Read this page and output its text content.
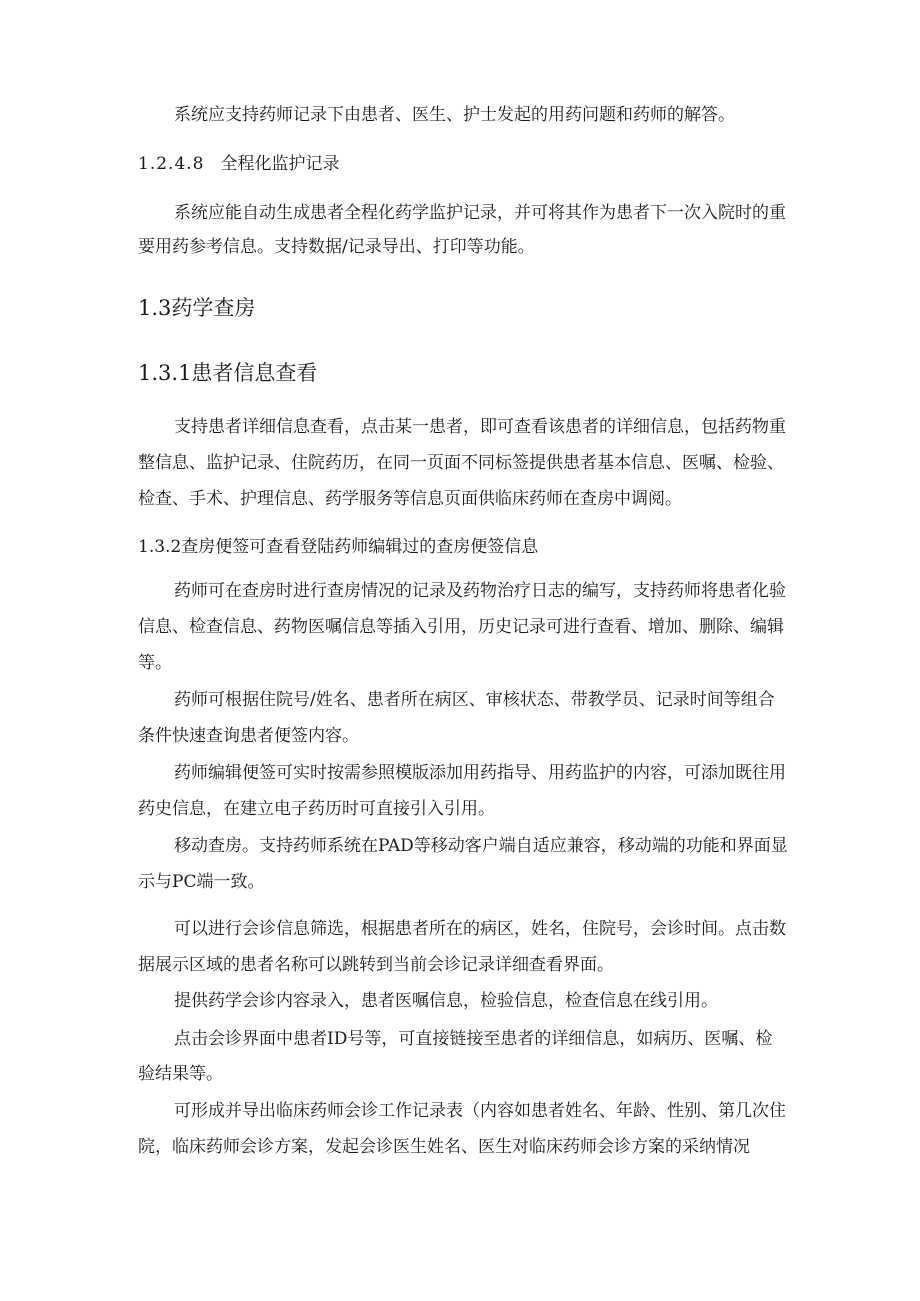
系统应支持药师记录下由患者、医生、护士发起的用药问题和药师的解答。
1.2.4.8 全程化监护记录
系统应能自动生成患者全程化药学监护记录，并可将其作为患者下一次入院时的重
要用药参考信息。支持数据/记录导出、打印等功能。
1.3药学查房
1.3.1患者信息查看
支持患者详细信息查看，点击某一患者，即可查看该患者的详细信息，包括药物重
整信息、监护记录、住院药历，在同一页面不同标签提供患者基本信息、医嘱、检验、
检查、手术、护理信息、药学服务等信息页面供临床药师在查房中调阅。
1.3.2查房便签可查看登陆药师编辑过的查房便签信息
药师可在查房时进行查房情况的记录及药物治疗日志的编写，支持药师将患者化验
信息、检查信息、药物医嘱信息等插入引用，历史记录可进行查看、增加、删除、编辑
等。
药师可根据住院号/姓名、患者所在病区、审核状态、带教学员、记录时间等组合
条件快速查询患者便签内容。
药师编辑便签可实时按需参照模版添加用药指导、用药监护的内容，可添加既往用
药史信息，在建立电子药历时可直接引入引用。
移动查房。支持药师系统在PAD等移动客户端自适应兼容，移动端的功能和界面显
示与PC端一致。
可以进行会诊信息筛选，根据患者所在的病区，姓名，住院号，会诊时间。点击数
据展示区域的患者名称可以跳转到当前会诊记录详细查看界面。
提供药学会诊内容录入，患者医嘱信息，检验信息，检查信息在线引用。
点击会诊界面中患者ID号等，可直接链接至患者的详细信息，如病历、医嘱、检
验结果等。
可形成并导出临床药师会诊工作记录表（内容如患者姓名、年龄、性别、第几次住
院，临床药师会诊方案，发起会诊医生姓名、医生对临床药师会诊方案的采纳情况
